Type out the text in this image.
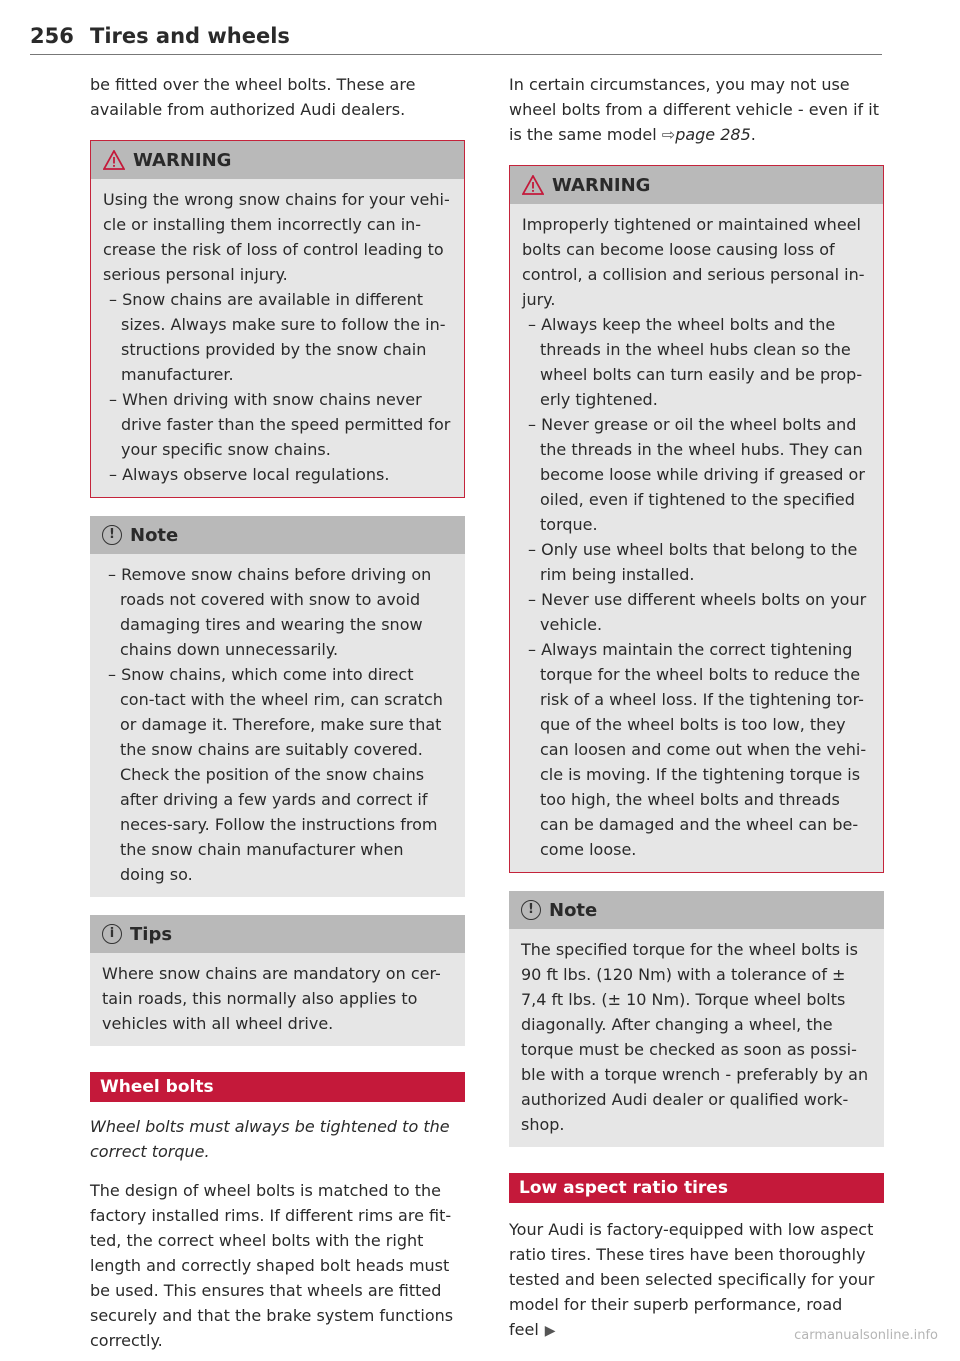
256 Tires and wheels

be fitted over the wheel bolts. These are available from authorized Audi dealers.

WARNING

Using the wrong snow chains for your vehi-cle or installing them incorrectly can in-crease the risk of loss of control leading to serious personal injury.

– Snow chains are available in different sizes. Always make sure to follow the in-structions provided by the snow chain manufacturer.
– When driving with snow chains never drive faster than the speed permitted for your specific snow chains.
– Always observe local regulations.
! Note
– Remove snow chains before driving on roads not covered with snow to avoid damaging tires and wearing the snow chains down unnecessarily.
– Snow chains, which come into direct con-tact with the wheel rim, can scratch or damage it. Therefore, make sure that the snow chains are suitably covered. Check the position of the snow chains after driving a few yards and correct if neces-sary. Follow the instructions from the snow chain manufacturer when doing so.
i Tips

Where snow chains are mandatory on cer-tain roads, this normally also applies to vehicles with all wheel drive.

Wheel bolts

Wheel bolts must always be tightened to the correct torque.

The design of wheel bolts is matched to the factory installed rims. If different rims are fit-ted, the correct wheel bolts with the right length and correctly shaped bolt heads must be used. This ensures that wheels are fitted securely and that the brake system functions correctly.

In certain circumstances, you may not use wheel bolts from a different vehicle - even if it is the same model ⇨page 285.

WARNING

Improperly tightened or maintained wheel bolts can become loose causing loss of control, a collision and serious personal in-jury.

– Always keep the wheel bolts and the threads in the wheel hubs clean so the wheel bolts can turn easily and be prop-erly tightened.
– Never grease or oil the wheel bolts and the threads in the wheel hubs. They can become loose while driving if greased or oiled, even if tightened to the specified torque.
– Only use wheel bolts that belong to the rim being installed.
– Never use different wheels bolts on your vehicle.
– Always maintain the correct tightening torque for the wheel bolts to reduce the risk of a wheel loss. If the tightening tor-que of the wheel bolts is too low, they can loosen and come out when the vehi-cle is moving. If the tightening torque is too high, the wheel bolts and threads can be damaged and the wheel can be-come loose.
! Note

The specified torque for the wheel bolts is 90 ft lbs. (120 Nm) with a tolerance of ± 7,4 ft lbs. (± 10 Nm). Torque wheel bolts diagonally. After changing a wheel, the torque must be checked as soon as possi-ble with a torque wrench - preferably by an authorized Audi dealer or qualified work-shop.

Low aspect ratio tires

Your Audi is factory-equipped with low aspect ratio tires. These tires have been thoroughly tested and been selected specifically for your model for their superb performance, road feel ▶	carmanualsonline.info
